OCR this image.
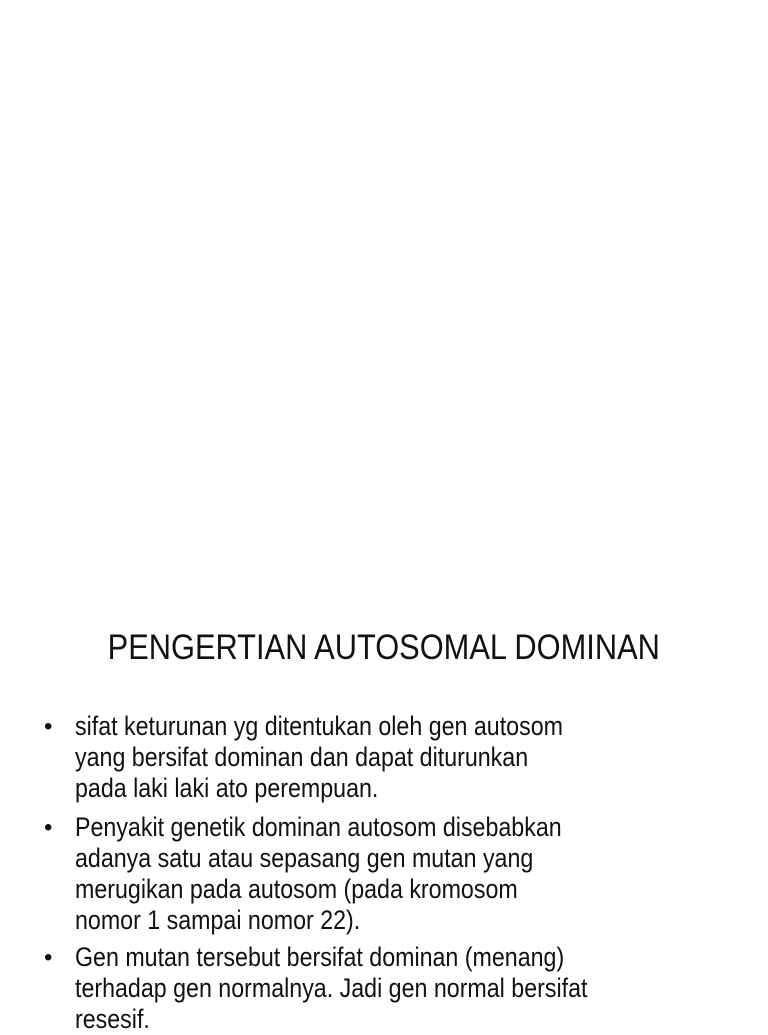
PENGERTIAN AUTOSOMAL DOMINAN
• sifat keturunan yg ditentukan oleh gen autosom
yang bersifat dominan dan dapat diturunkan
pada laki laki ato perempuan.
• Penyakit genetik dominan autosom disebabkan
adanya satu atau sepasang gen mutan yang
merugikan pada autosom (pada kromosom
nomor 1 sampai nomor 22).
• Gen mutan tersebut bersifat dominan (menang)
terhadap gen normalnya. Jadi gen normal bersifat
resesif.
